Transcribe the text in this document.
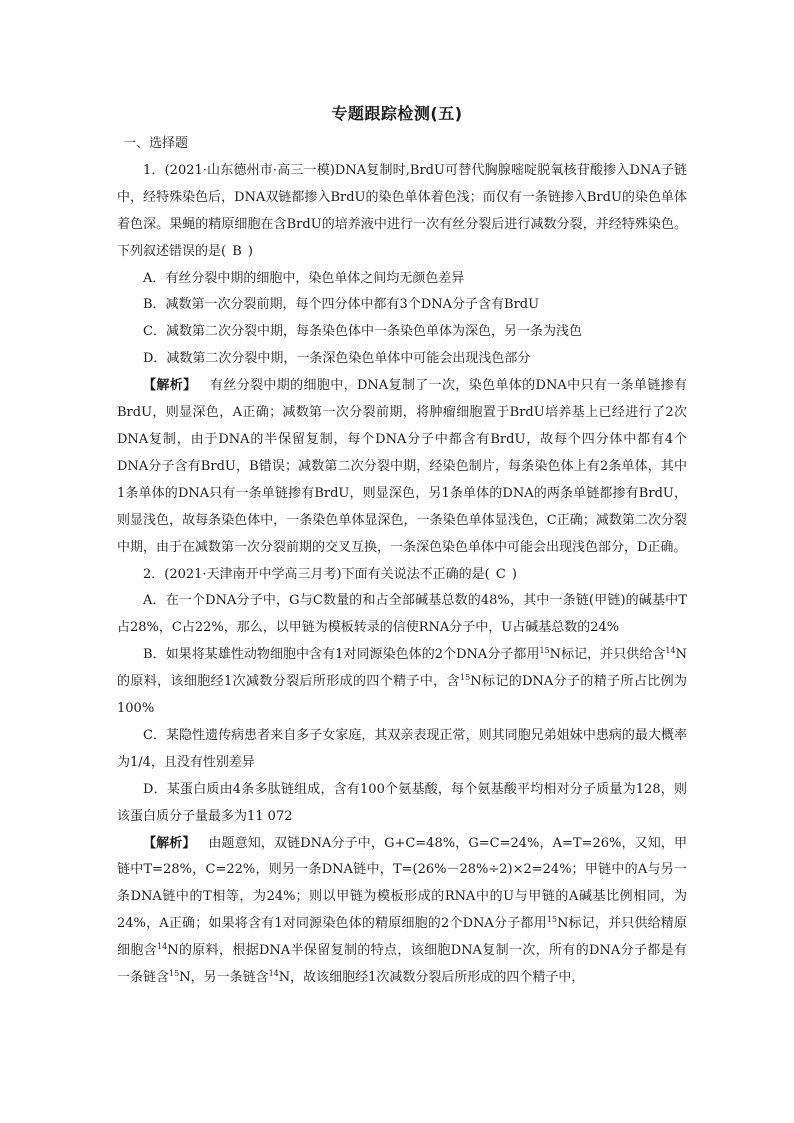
专题跟踪检测(五)

一、选择题

1．(2021·山东德州市·高三一模)DNA复制时,BrdU可替代胸腺嘧啶脱氧核苷酸掺入DNA子链中，经特殊染色后，DNA双链都掺入BrdU的染色单体着色浅；而仅有一条链掺入BrdU的染色单体着色深。果蝇的精原细胞在含BrdU的培养液中进行一次有丝分裂后进行减数分裂，并经特殊染色。下列叙述错误的是( B )

A．有丝分裂中期的细胞中，染色单体之间均无颜色差异

B．减数第一次分裂前期，每个四分体中都有3个DNA分子含有BrdU

C．减数第二次分裂中期，每条染色体中一条染色单体为深色，另一条为浅色

D．减数第二次分裂中期，一条深色染色单体中可能会出现浅色部分

【解析】 有丝分裂中期的细胞中，DNA复制了一次，染色单体的DNA中只有一条单链掺有BrdU，则显深色，A正确；减数第一次分裂前期，将肿瘤细胞置于BrdU培养基上已经进行了2次DNA复制，由于DNA的半保留复制，每个DNA分子中都含有BrdU，故每个四分体中都有4个DNA分子含有BrdU，B错误；减数第二次分裂中期，经染色制片，每条染色体上有2条单体，其中1条单体的DNA只有一条单链掺有BrdU，则显深色，另1条单体的DNA的两条单链都掺有BrdU，则显浅色，故每条染色体中，一条染色单体显深色，一条染色单体显浅色，C正确；减数第二次分裂中期，由于在减数第一次分裂前期的交叉互换，一条深色染色单体中可能会出现浅色部分，D正确。

2．(2021·天津南开中学高三月考)下面有关说法不正确的是( C )

A．在一个DNA分子中，G与C数量的和占全部碱基总数的48%，其中一条链(甲链)的碱基中T占28%，C占22%，那么，以甲链为模板转录的信使RNA分子中，U占碱基总数的24%

B．如果将某雄性动物细胞中含有1对同源染色体的2个DNA分子都用$^{15}$N标记，并只供给含$^{14}$N的原料，该细胞经1次减数分裂后所形成的四个精子中，含$^{15}$N标记的DNA分子的精子所占比例为100%

C．某隐性遗传病患者来自多子女家庭，其双亲表现正常，则其同胞兄弟姐妹中患病的最大概率为1/4，且没有性别差异

D．某蛋白质由4条多肽链组成，含有100个氨基酸，每个氨基酸平均相对分子质量为128，则该蛋白质分子量最多为11 072

【解析】 由题意知，双链DNA分子中，G+C=48%，G=C=24%，A=T=26%，又知，甲链中T=28%，C=22%，则另一条DNA链中，T=(26%－28%÷2)×2=24%；甲链中的A与另一条DNA链中的T相等，为24%；则以甲链为模板形成的RNA中的U与甲链的A碱基比例相同，为24%，A正确；如果将含有1对同源染色体的精原细胞的2个DNA分子都用$^{15}$N标记，并只供给精原细胞含$^{14}$N的原料，根据DNA半保留复制的特点，该细胞DNA复制一次，所有的DNA分子都是有一条链含$^{15}$N，另一条链含$^{14}$N，故该细胞经1次减数分裂后所形成的四个精子中，
